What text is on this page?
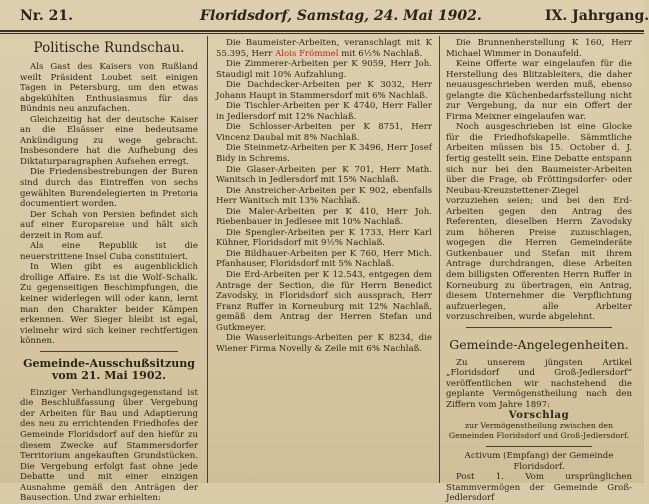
Nr. 21.	Floridsdorf, Samstag, 24. Mai 1902.	IX. Jahrgang.
Politische Rundschau.

Als Gast des Kaisers von Rußland weilt Präsident Loubet seit einigen Tagen in Petersburg, um den etwas abgekühlten Enthusiasmus für das Bündnis neu anzufachen.

Gleichzeitig hat der deutsche Kaiser an die Elsässer eine bedeutsame Ankündigung zu wege gebracht. Insbesondere hat die Aufhebung des Diktaturparagraphen Aufsehen erregt.

Die Friedensbestrebungen der Buren sind durch das Eintreffen von sechs gewählten Burendelegierten in Pretoria documentiert worden.

Der Schah von Persien befindet sich auf einer Europareise und hält sich derzeit in Rom auf.

Als eine Republik ist die neuerstrittene Insel Cuba constituiert.

In Wien gibt es augenblicklich drollige Affaire. Es ist die Wolf–Schalk. Zu gegenseitigen Beschimpfungen, die keiner widerlegen will oder kann, lernt man den Charakter beider Kämpen erkennen. Wer Sieger bleibt ist egal, vielmehr wird sich keiner rechtfertigen können.

Gemeinde-Ausschußsitzung vom 21. Mai 1902.

Einziger Verhandlungsgegenstand ist die Beschlußfassung über Vergebung der Arbeiten für Bau und Adaptierung des neu zu errichtenden Friedhofes der Gemeinde Floridsdorf auf den hiefür zu diesem Zwecke auf Stammersdorfer Territorium angekauften Grundstücken. Die Vergebung erfolgt fast ohne jede Debatte und mit einer einzigen Ausnahme gemäß den Anträgen der Bausection. Und zwar erhielten:

Die Baumeister-Arbeiten, veranschlagt mit K 55.395, Herr Alois Frömmel mit 6½% Nachlaß.

Die Zimmerer-Arbeiten per K 9059, Herr Joh. Staudigl mit 10% Aufzahlung.

Die Dachdecker-Arbeiten per K 3032, Herr Johann Haupt in Stammersdorf mit 6% Nachlaß.

Die Tischler-Arbeiten per K 4740, Herr Faller in Jedlersdorf mit 12% Nachlaß.

Die Schlosser-Arbeiten per K 8751, Herr Vincenz Daubal mit 8% Nachlaß.

Die Steinmetz-Arbeiten per K 3496, Herr Josef Bidy in Schrems.

Die Glaser-Arbeiten per K 701, Herr Math. Wanitsch in Jedlersdorf mit 15% Nachlaß.

Die Anstreicher-Arbeiten per K 902, ebenfalls Herr Wanitsch mit 13% Nachlaß.

Die Maler-Arbeiten per K 410, Herr Joh. Riebenbauer in Jedlesee mit 10% Nachlaß.

Die Spengler-Arbeiten per K 1733, Herr Karl Kühner, Floridsdorf mit 9½% Nachlaß.

Die Bildhauer-Arbeiten per K 760, Herr Mich. Pfanhauser, Floridsdorf mit 5% Nachlaß.

Die Erd-Arbeiten per K 12.543, entgegen dem Antrage der Section, die für Herrn Benedict Zavodsky, in Floridsdorf sich aussprach, Herr Franz Ruffer in Korneuburg mit 12% Nachlaß, gemäß dem Antrag der Herren Stefan und Gutkmeyer.

Die Wasserleitungs-Arbeiten per K 8234, die Wiener Firma Novelly & Zeile mit 6% Nachlaß.

Die Brunnenherstellung K 160, Herr Michael Wimmer in Donaufeld.

Keine Offerte war eingelaufen für die Herstellung des Blitzableiters, die daher neuausgeschrieben werden muß, ebenso gelangte die Küchenbedarfsstellung nicht zur Vergebung, da nur ein Offert der Firma Meixner eingelaufen war.

Noch ausgeschrieben ist eine Glocke für die Friedhofskapelle. Sämmtliche Arbeiten müssen bis 15. October d. J. fertig gestellt sein. Eine Debatte entspann sich nur bei den Baumeister-Arbeiten über die Frage, ob Fröttingsdorfer- oder Neubau-Kreuzstettener-Ziegel vorzuziehen seien; und bei den Erd-Arbeiten gegen den Antrag des Referenten, dieselben Herrn Zavodsky zum höheren Preise zuzuschlagen, wogegen die Herren Gemeinderäte Gutkenbauer und Stefan mit ihrem Antrage durchdrangen, diese Arbeiten dem billigsten Offerenten Herrn Ruffer in Korneuburg zu übertragen, ein Antrag, diesem Unternehmer die Verpflichtung aufzuerlegen, alle Arbeiter vorzuschreiben, wurde abgelehnt.

Gemeinde-Angelegenheiten.

Zu unserem jüngsten Artikel „Floridsdorf und Groß-Jedlersdorf“ veröffentlichen wir nachstehend die geplante Vermögenstheilung nach den Ziffern vom Jahre 1897:

Vorschlag

zur Vermögenstheilung zwischen den Gemeinden Floridsdorf und Groß-Jedlersdorf.

Activum (Empfang) der Gemeinde Floridsdorf.

Post 1. Vom ursprünglichen Stammvermögen der Gemeinde Groß-Jedlersdorf
